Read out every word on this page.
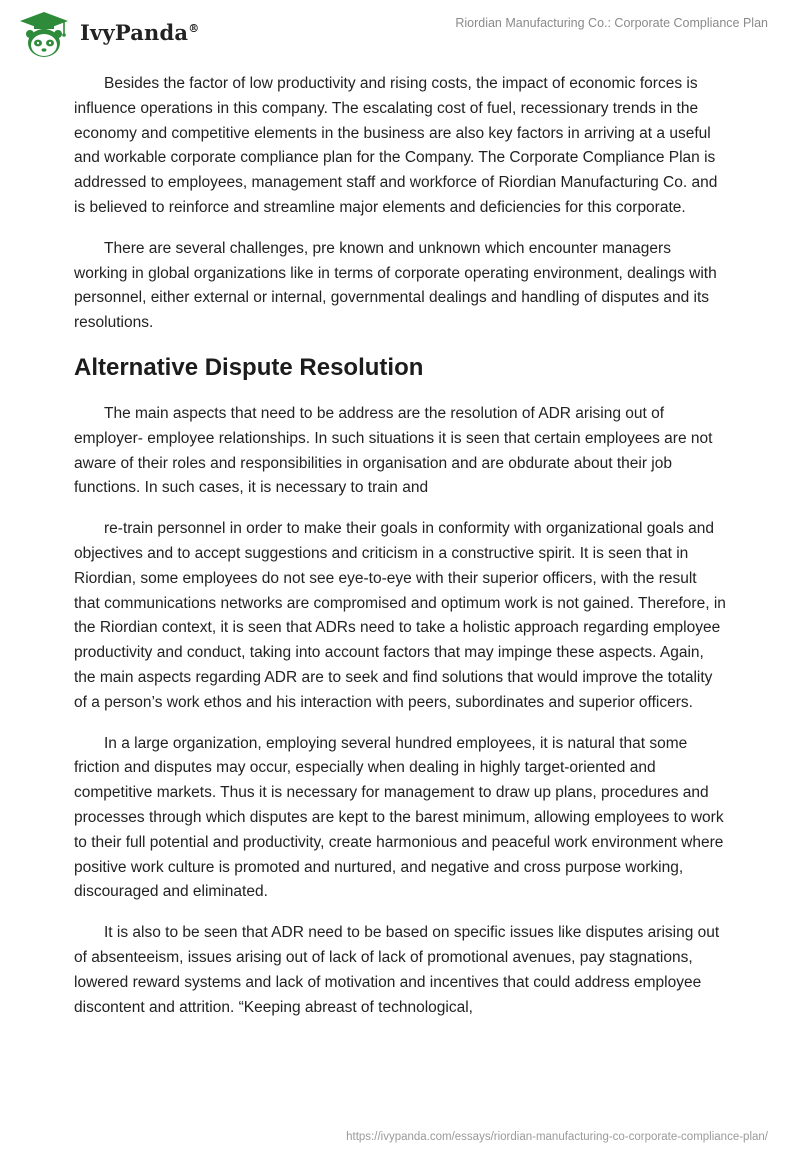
IvyPanda®	Riordian Manufacturing Co.: Corporate Compliance Plan

Besides the factor of low productivity and rising costs, the impact of economic forces is influence operations in this company. The escalating cost of fuel, recessionary trends in the economy and competitive elements in the business are also key factors in arriving at a useful and workable corporate compliance plan for the Company. The Corporate Compliance Plan is addressed to employees, management staff and workforce of Riordian Manufacturing Co. and is believed to reinforce and streamline major elements and deficiencies for this corporate.

There are several challenges, pre known and unknown which encounter managers working in global organizations like in terms of corporate operating environment, dealings with personnel, either external or internal, governmental dealings and handling of disputes and its resolutions.

Alternative Dispute Resolution

The main aspects that need to be address are the resolution of ADR arising out of employer- employee relationships. In such situations it is seen that certain employees are not aware of their roles and responsibilities in organisation and are obdurate about their job functions. In such cases, it is necessary to train and

re-train personnel in order to make their goals in conformity with organizational goals and objectives and to accept suggestions and criticism in a constructive spirit. It is seen that in Riordian, some employees do not see eye-to-eye with their superior officers, with the result that communications networks are compromised and optimum work is not gained. Therefore, in the Riordian context, it is seen that ADRs need to take a holistic approach regarding employee productivity and conduct, taking into account factors that may impinge these aspects. Again, the main aspects regarding ADR are to seek and find solutions that would improve the totality of a person’s work ethos and his interaction with peers, subordinates and superior officers.

In a large organization, employing several hundred employees, it is natural that some friction and disputes may occur, especially when dealing in highly target-oriented and competitive markets. Thus it is necessary for management to draw up plans, procedures and processes through which disputes are kept to the barest minimum, allowing employees to work to their full potential and productivity, create harmonious and peaceful work environment where positive work culture is promoted and nurtured, and negative and cross purpose working, discouraged and eliminated.

It is also to be seen that ADR need to be based on specific issues like disputes arising out of absenteeism, issues arising out of lack of lack of promotional avenues, pay stagnations, lowered reward systems and lack of motivation and incentives that could address employee discontent and attrition. “Keeping abreast of technological,

https://ivypanda.com/essays/riordian-manufacturing-co-corporate-compliance-plan/
